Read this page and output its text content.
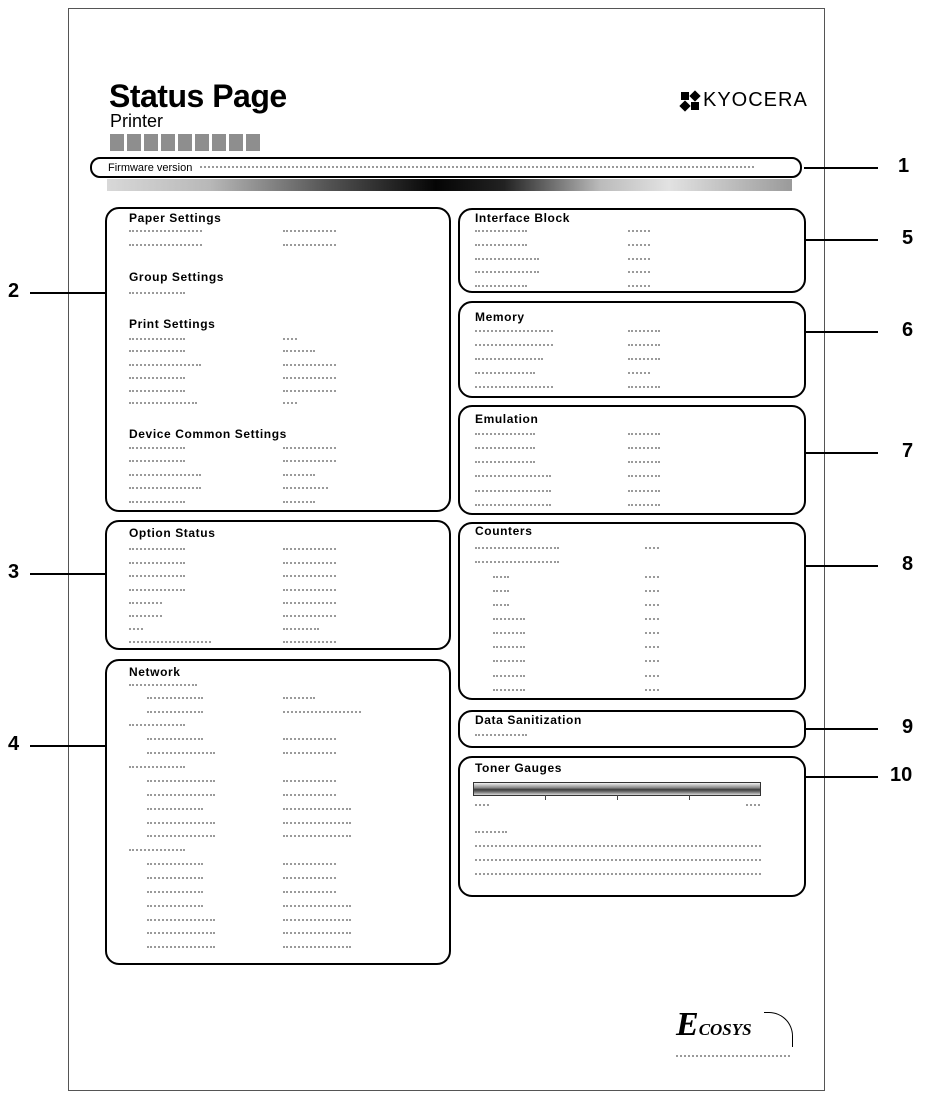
Status Page
Printer
KYOCERA
Firmware version
Paper Settings
Group Settings
Print Settings
Device Common Settings
Option Status
Network
Interface Block
Memory
Emulation
Counters
Data Sanitization
Toner Gauges
1
2
3
4
5
6
7
8
9
10
ECOSYS
